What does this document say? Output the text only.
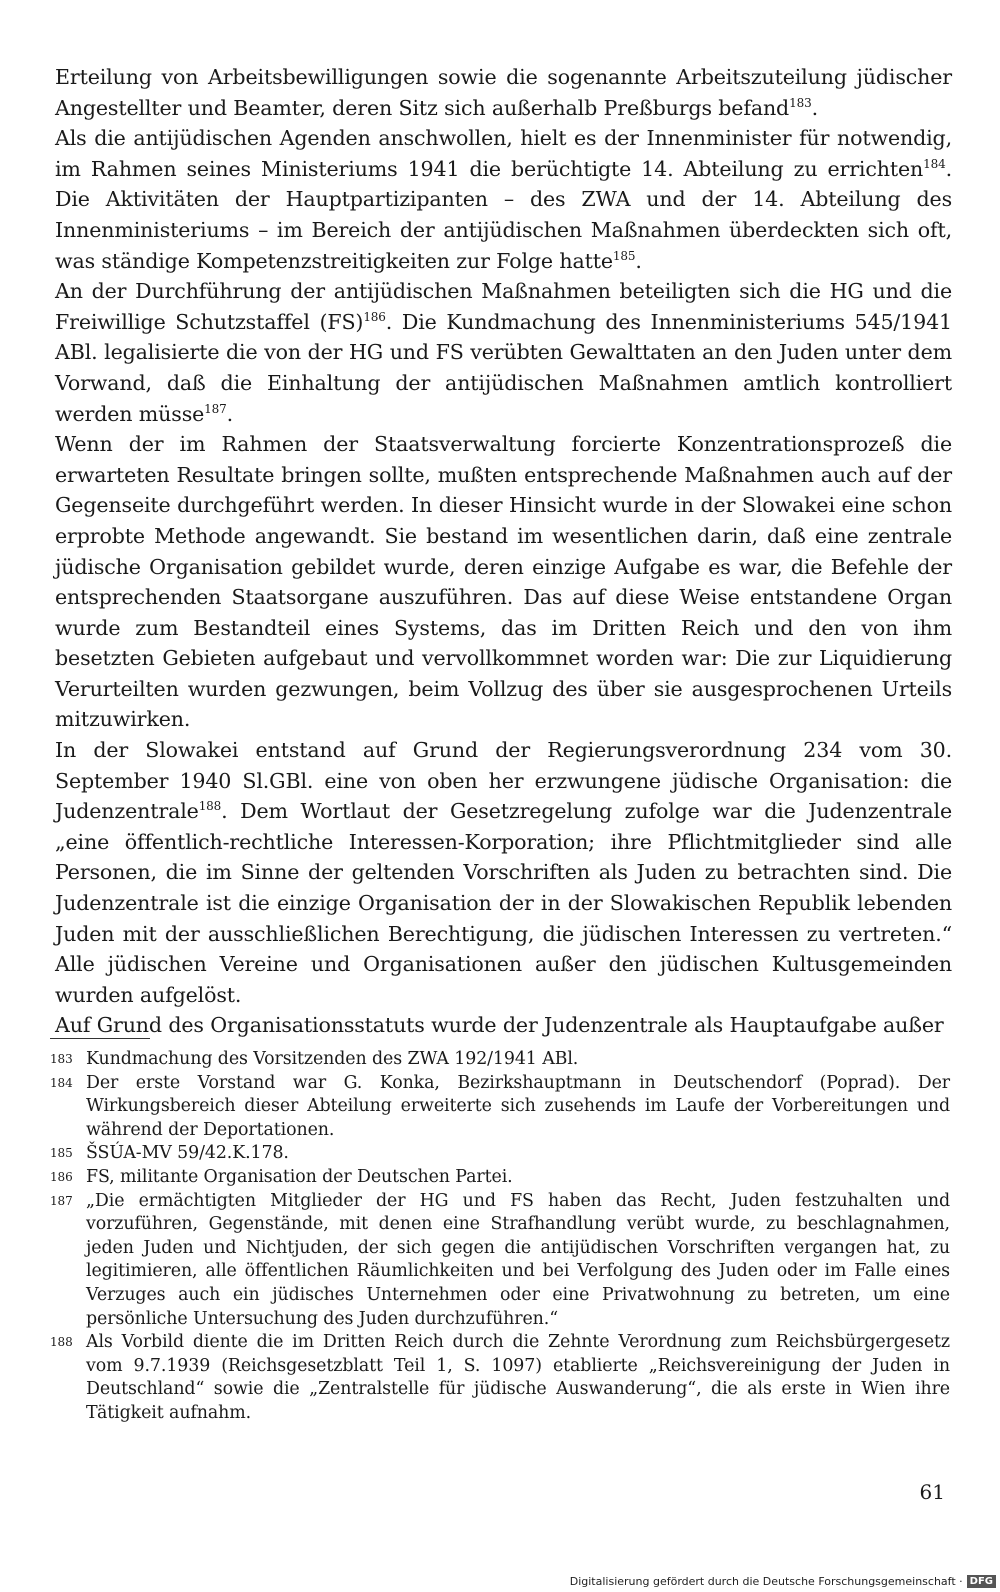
Erteilung von Arbeitsbewilligungen sowie die sogenannte Arbeitszuteilung jüdischer Angestellter und Beamter, deren Sitz sich außerhalb Preßburgs befand$^{183}$.

Als die antijüdischen Agenden anschwollen, hielt es der Innenminister für notwendig, im Rahmen seines Ministeriums 1941 die berüchtigte 14. Abteilung zu errichten$^{184}$. Die Aktivitäten der Hauptpartizipanten – des ZWA und der 14. Abteilung des Innenministeriums – im Bereich der antijüdischen Maßnahmen überdeckten sich oft, was ständige Kompetenzstreitigkeiten zur Folge hatte$^{185}$.

An der Durchführung der antijüdischen Maßnahmen beteiligten sich die HG und die Freiwillige Schutzstaffel (FS)$^{186}$. Die Kundmachung des Innenministeriums 545/1941 ABl. legalisierte die von der HG und FS verübten Gewalttaten an den Juden unter dem Vorwand, daß die Einhaltung der antijüdischen Maßnahmen amtlich kontrolliert werden müsse$^{187}$.

Wenn der im Rahmen der Staatsverwaltung forcierte Konzentrationsprozeß die erwarteten Resultate bringen sollte, mußten entsprechende Maßnahmen auch auf der Gegenseite durchgeführt werden. In dieser Hinsicht wurde in der Slowakei eine schon erprobte Methode angewandt. Sie bestand im wesentlichen darin, daß eine zentrale jüdische Organisation gebildet wurde, deren einzige Aufgabe es war, die Befehle der entsprechenden Staatsorgane auszuführen. Das auf diese Weise entstandene Organ wurde zum Bestandteil eines Systems, das im Dritten Reich und den von ihm besetzten Gebieten aufgebaut und vervollkommnet worden war: Die zur Liquidierung Verurteilten wurden gezwungen, beim Vollzug des über sie ausgesprochenen Urteils mitzuwirken.

In der Slowakei entstand auf Grund der Regierungsverordnung 234 vom 30. September 1940 Sl.GBl. eine von oben her erzwungene jüdische Organisation: die Judenzentrale$^{188}$. Dem Wortlaut der Gesetzregelung zufolge war die Judenzentrale „eine öffentlich-rechtliche Interessen-Korporation; ihre Pflichtmitglieder sind alle Personen, die im Sinne der geltenden Vorschriften als Juden zu betrachten sind. Die Judenzentrale ist die einzige Organisation der in der Slowakischen Republik lebenden Juden mit der ausschließlichen Berechtigung, die jüdischen Interessen zu vertreten.“ Alle jüdischen Vereine und Organisationen außer den jüdischen Kultusgemeinden wurden aufgelöst.

Auf Grund des Organisationsstatuts wurde der Judenzentrale als Hauptaufgabe außer

183 Kundmachung des Vorsitzenden des ZWA 192/1941 ABl.
184 Der erste Vorstand war G. Konka, Bezirkshauptmann in Deutschendorf (Poprad). Der Wirkungsbereich dieser Abteilung erweiterte sich zusehends im Laufe der Vorbereitungen und während der Deportationen.
185 ŠSÚA-MV 59/42.K.178.
186 FS, militante Organisation der Deutschen Partei.
187 „Die ermächtigten Mitglieder der HG und FS haben das Recht, Juden festzuhalten und vorzuführen, Gegenstände, mit denen eine Strafhandlung verübt wurde, zu beschlagnahmen, jeden Juden und Nichtjuden, der sich gegen die antijüdischen Vorschriften vergangen hat, zu legitimieren, alle öffentlichen Räumlichkeiten und bei Verfolgung des Juden oder im Falle eines Verzuges auch ein jüdisches Unternehmen oder eine Privatwohnung zu betreten, um eine persönliche Untersuchung des Juden durchzuführen.“
188 Als Vorbild diente die im Dritten Reich durch die Zehnte Verordnung zum Reichsbürgergesetz vom 9.7.1939 (Reichsgesetzblatt Teil 1, S. 1097) etablierte „Reichsvereinigung der Juden in Deutschland“ sowie die „Zentralstelle für jüdische Auswanderung“, die als erste in Wien ihre Tätigkeit aufnahm.
61
Digitalisierung gefördert durch die Deutsche Forschungsgemeinschaft · DFG
